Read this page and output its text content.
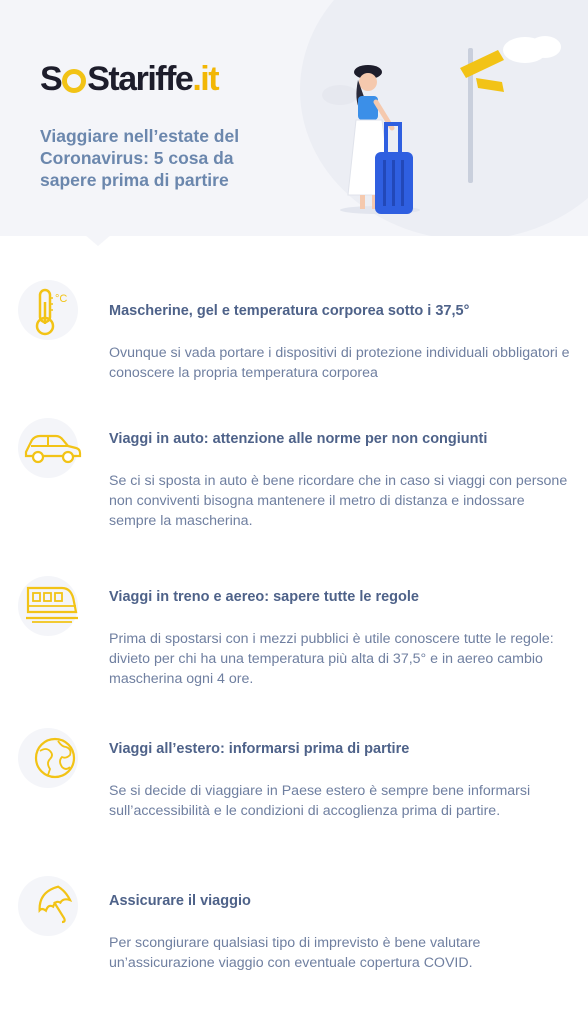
S Stariffe .it
Viaggiare nell’estate del Coronavirus: 5 cosa da sapere prima di partire
°C
Mascherine, gel e temperatura corporea sotto i 37,5°

Ovunque si vada portare i dispositivi di protezione individuali obbligatori e conoscere la propria temperatura corporea

Viaggi in auto: attenzione alle norme per non congiunti

Se ci si sposta in auto è bene ricordare che in caso si viaggi con persone non conviventi bisogna mantenere il metro di distanza e indossare sempre la mascherina.

Viaggi in treno e aereo: sapere tutte le regole

Prima di spostarsi con i mezzi pubblici è utile conoscere tutte le regole: divieto per chi ha una temperatura più alta di 37,5° e in aereo cambio mascherina ogni 4 ore.

Viaggi all’estero: informarsi prima di partire

Se si decide di viaggiare in Paese estero è sempre bene informarsi sull’accessibilità e le condizioni di accoglienza prima di partire.

Assicurare il viaggio

Per scongiurare qualsiasi tipo di imprevisto è bene valutare un’assicurazione viaggio con eventuale copertura COVID.
